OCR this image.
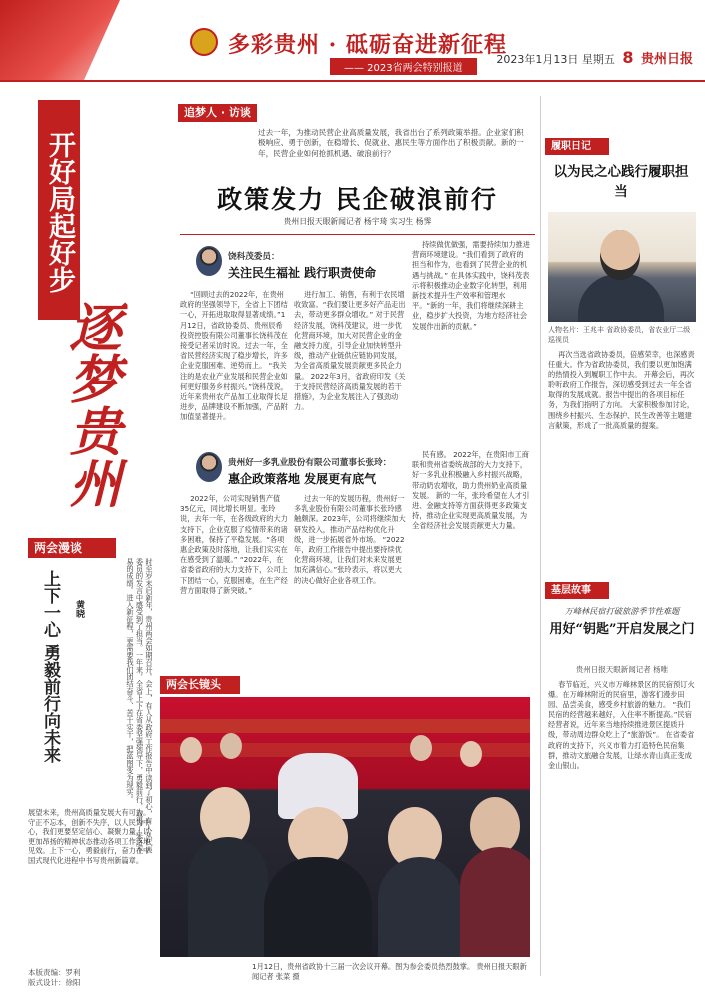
多彩贵州 · 砥砺奋进新征程
—— 2023省两会特别报道
2023年1月13日 星期五 8 贵州日报
开好局起好步
逐梦贵州
两会漫谈
上下一心 勇毅前行向未来	黄晓	时至岁末启新年，贵州两会如期召开。会上，有人从政府工作报告中读到了初心，有人从代表委员的发言中感受到了担当。一年来，全省上下在省委坚强领导下，勇毅前行，取得了来之不易的成绩。进入新征程，更需要我们团结奋斗、苦干实干，把蓝图变为现实。
展望未来，贵州高质量发展大有可为。守正不忘本，创新不失序，以人民为中心，我们更要坚定信心、凝聚力量，以更加昂扬的精神状态推动各项工作落地见效。上下一心，勇毅前行，奋力在中国式现代化进程中书写贵州新篇章。
本版责编：罗利
版式设计：徐阳
追梦人 · 访谈
过去一年，为推动民营企业高质量发展，我省出台了系列政策举措。企业家们积极响应、勇于创新，在稳增长、促就业、惠民生等方面作出了积极贡献。新的一年，民营企业如何抢抓机遇、破浪前行？
政策发力 民企破浪前行
贵州日报天眼新闻记者 杨宇琦 实习生 杨霁
饶科茂委员：
关注民生福祉 践行职责使命
“回顾过去的2022年，在贵州政府的坚强领导下，全省上下团结一心，开拓进取取得显著成绩。”1月12日，省政协委员、贵州辰希投资控股有限公司董事长饶科茂在接受记者采访时说。过去一年，全省民营经济实现了稳步增长，许多企业克服困难、逆势而上。 “我关注的是农业产业发展和民营企业如何更好服务乡村振兴。”饶科茂说，近年来贵州农产品加工业取得长足进步，品牌建设不断加强，产品附加值显著提升。
进行加工、销售，有利于农民增收致富。“我们要让更多好产品走出去，带动更多群众增收。” 对于民营经济发展，饶科茂建议，进一步优化营商环境，加大对民营企业的金融支持力度，引导企业加快转型升级，推动产业链供应链协同发展，为全省高质量发展贡献更多民企力量。 2022年3月，省政府印发《关于支持民营经济高质量发展的若干措施》，为企业发展注入了强劲动力。
持续做优做强，需要持续加力推进营商环境建设。“我们看到了政府的担当和作为，也看到了民营企业的机遇与挑战。” 在具体实践中，饶科茂表示将积极推动企业数字化转型，利用新技术提升生产效率和管理水平。“新的一年，我们将继续深耕主业，稳步扩大投资，为地方经济社会发展作出新的贡献。”
贵州好一多乳业股份有限公司董事长张玲：
惠企政策落地 发展更有底气
2022年，公司实现销售产值35亿元，同比增长明显。张玲说，去年一年，在各级政府的大力支持下，企业克服了疫情带来的诸多困难，保持了平稳发展。“各项惠企政策及时落地，让我们实实在在感受到了温暖。” “2022年，在省委省政府的大力支持下，公司上下团结一心，克服困难，在生产经营方面取得了新突破。”
过去一年的发展历程，贵州好一多乳业股份有限公司董事长张玲感触颇深。2023年，公司将继续加大研发投入，推动产品结构优化升级，进一步拓展省外市场。 “2022年，政府工作报告中提出要持续优化营商环境，让我们对未来发展更加充满信心。”张玲表示，将以更大的决心做好企业各项工作。
民有感。 2022年，在贵阳市工商联和贵州省委统战部的大力支持下，好一多乳业积极融入乡村振兴战略，带动奶农增收，助力贵州奶业高质量发展。 新的一年，张玲希望在人才引进、金融支持等方面获得更多政策支持，推动企业实现更高质量发展，为全省经济社会发展贡献更大力量。
两会长镜头
1月12日，贵州省政协十三届一次会议开幕。图为参会委员热烈鼓掌。 贵州日报天眼新闻记者 张菜 摄
履职日记
以为民之心践行履职担当
人物名片：王兆丰 省政协委员，省农业厅二级巡视员
再次当选省政协委员，倍感荣幸，也深感责任重大。作为省政协委员，我们要以更加饱满的热情投入到履职工作中去。 开幕会后，再次聆听政府工作报告，深切感受到过去一年全省取得的发展成就。报告中提出的各项目标任务，为我们指明了方向。 大家积极参加讨论，围绕乡村振兴、生态保护、民生改善等主题建言献策，形成了一批高质量的提案。
基层故事
万峰林民宿打破旅游季节性难题
用好“钥匙”开启发展之门
贵州日报天眼新闻记者 杨唯
春节临近，兴义市万峰林景区的民宿预订火爆。在万峰林附近的民宿里，游客们漫步田园、品尝美食，感受乡村旅游的魅力。 “我们民宿的经营越来越好，入住率不断提高。”民宿经营者说，近年来当地持续推进景区提质升级，带动周边群众吃上了“旅游饭”。 在省委省政府的支持下，兴义市着力打造特色民宿集群，推动文旅融合发展，让绿水青山真正变成金山银山。
